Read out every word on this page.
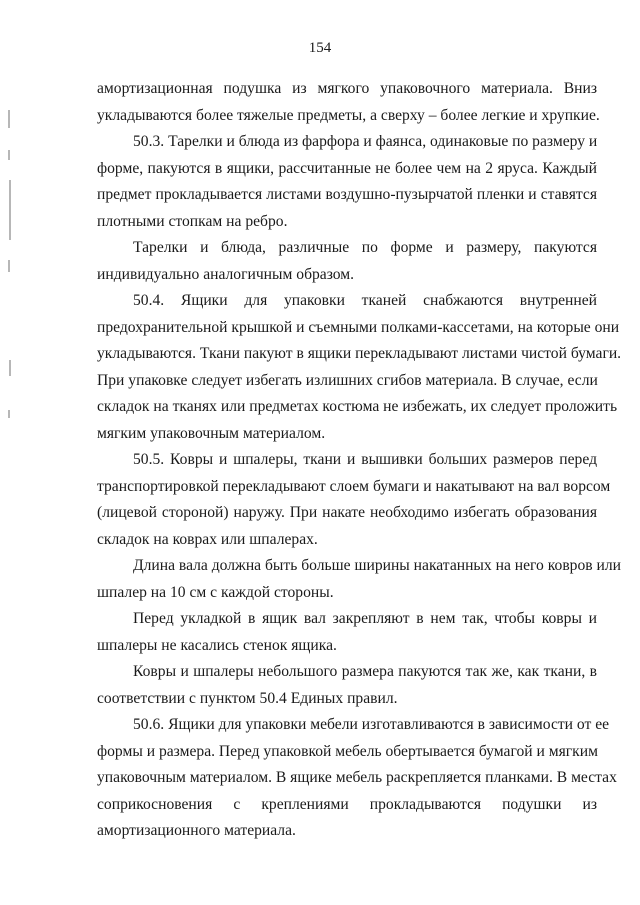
154
амортизационная подушка из мягкого упаковочного материала. Вниз
укладываются более тяжелые предметы, а сверху – более легкие и хрупкие.
50.3. Тарелки и блюда из фарфора и фаянса, одинаковые по размеру и
форме, пакуются в ящики, рассчитанные не более чем на 2 яруса. Каждый
предмет прокладывается листами воздушно-пузырчатой пленки и ставятся
плотными стопкам на ребро.
Тарелки и блюда, различные по форме и размеру, пакуются
индивидуально аналогичным образом.
50.4. Ящики для упаковки тканей снабжаются внутренней
предохранительной крышкой и съемными полками-кассетами, на которые они
укладываются. Ткани пакуют в ящики перекладывают листами чистой бумаги.
При упаковке следует избегать излишних сгибов материала. В случае, если
складок на тканях или предметах костюма не избежать, их следует проложить
мягким упаковочным материалом.
50.5. Ковры и шпалеры, ткани и вышивки больших размеров перед
транспортировкой перекладывают слоем бумаги и накатывают на вал ворсом
(лицевой стороной) наружу. При накате необходимо избегать образования
складок на коврах или шпалерах.
Длина вала должна быть больше ширины накатанных на него ковров или
шпалер на 10 см с каждой стороны.
Перед укладкой в ящик вал закрепляют в нем так, чтобы ковры и
шпалеры не касались стенок ящика.
Ковры и шпалеры небольшого размера пакуются так же, как ткани, в
соответствии с пунктом 50.4 Единых правил.
50.6. Ящики для упаковки мебели изготавливаются в зависимости от ее
формы и размера. Перед упаковкой мебель обертывается бумагой и мягким
упаковочным материалом. В ящике мебель раскрепляется планками. В местах
соприкосновения с креплениями прокладываются подушки из
амортизационного материала.
